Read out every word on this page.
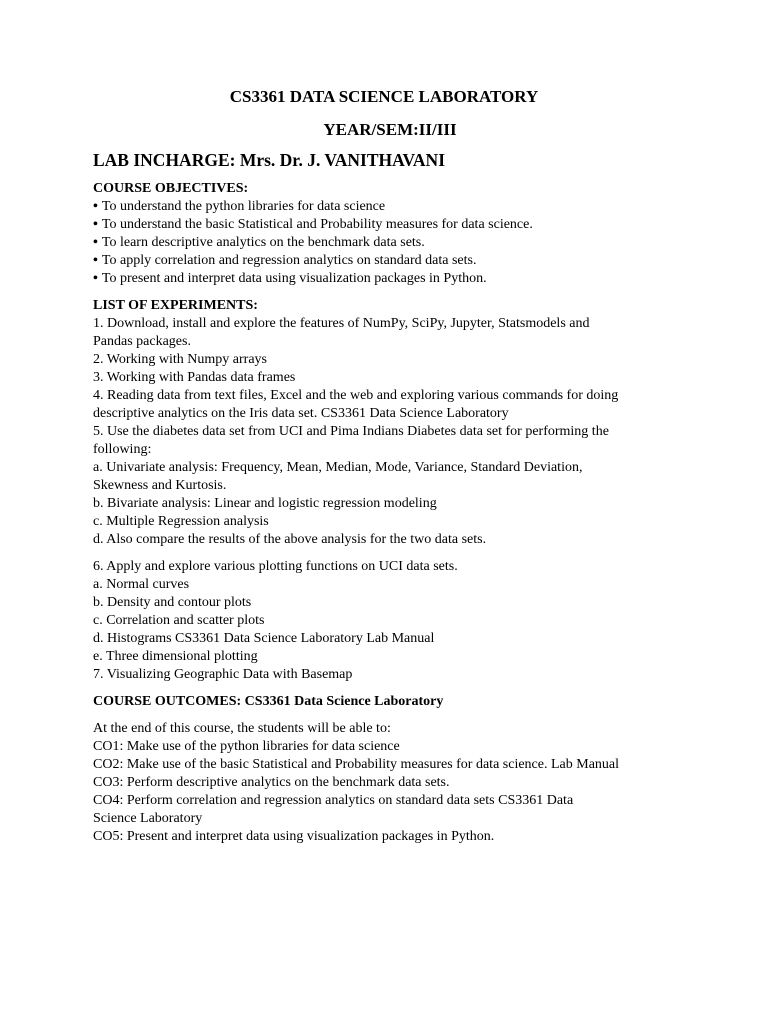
CS3361 DATA SCIENCE LABORATORY
YEAR/SEM:II/III
LAB INCHARGE: Mrs. Dr. J. VANITHAVANI

COURSE OBJECTIVES:

• To understand the python libraries for data science

• To understand the basic Statistical and Probability measures for data science.

• To learn descriptive analytics on the benchmark data sets.

• To apply correlation and regression analytics on standard data sets.

• To present and interpret data using visualization packages in Python.

LIST OF EXPERIMENTS:

1. Download, install and explore the features of NumPy, SciPy, Jupyter, Statsmodels and

Pandas packages.

2. Working with Numpy arrays

3. Working with Pandas data frames

4. Reading data from text files, Excel and the web and exploring various commands for doing

descriptive analytics on the Iris data set. CS3361 Data Science Laboratory

5. Use the diabetes data set from UCI and Pima Indians Diabetes data set for performing the

following:

a. Univariate analysis: Frequency, Mean, Median, Mode, Variance, Standard Deviation,

Skewness and Kurtosis.

b. Bivariate analysis: Linear and logistic regression modeling

c. Multiple Regression analysis

d. Also compare the results of the above analysis for the two data sets.

6. Apply and explore various plotting functions on UCI data sets.

a. Normal curves

b. Density and contour plots

c. Correlation and scatter plots

d. Histograms CS3361 Data Science Laboratory Lab Manual

e. Three dimensional plotting

7. Visualizing Geographic Data with Basemap

COURSE OUTCOMES: CS3361 Data Science Laboratory

At the end of this course, the students will be able to:

CO1: Make use of the python libraries for data science

CO2: Make use of the basic Statistical and Probability measures for data science. Lab Manual

CO3: Perform descriptive analytics on the benchmark data sets.

CO4: Perform correlation and regression analytics on standard data sets CS3361 Data

Science Laboratory

CO5: Present and interpret data using visualization packages in Python.
